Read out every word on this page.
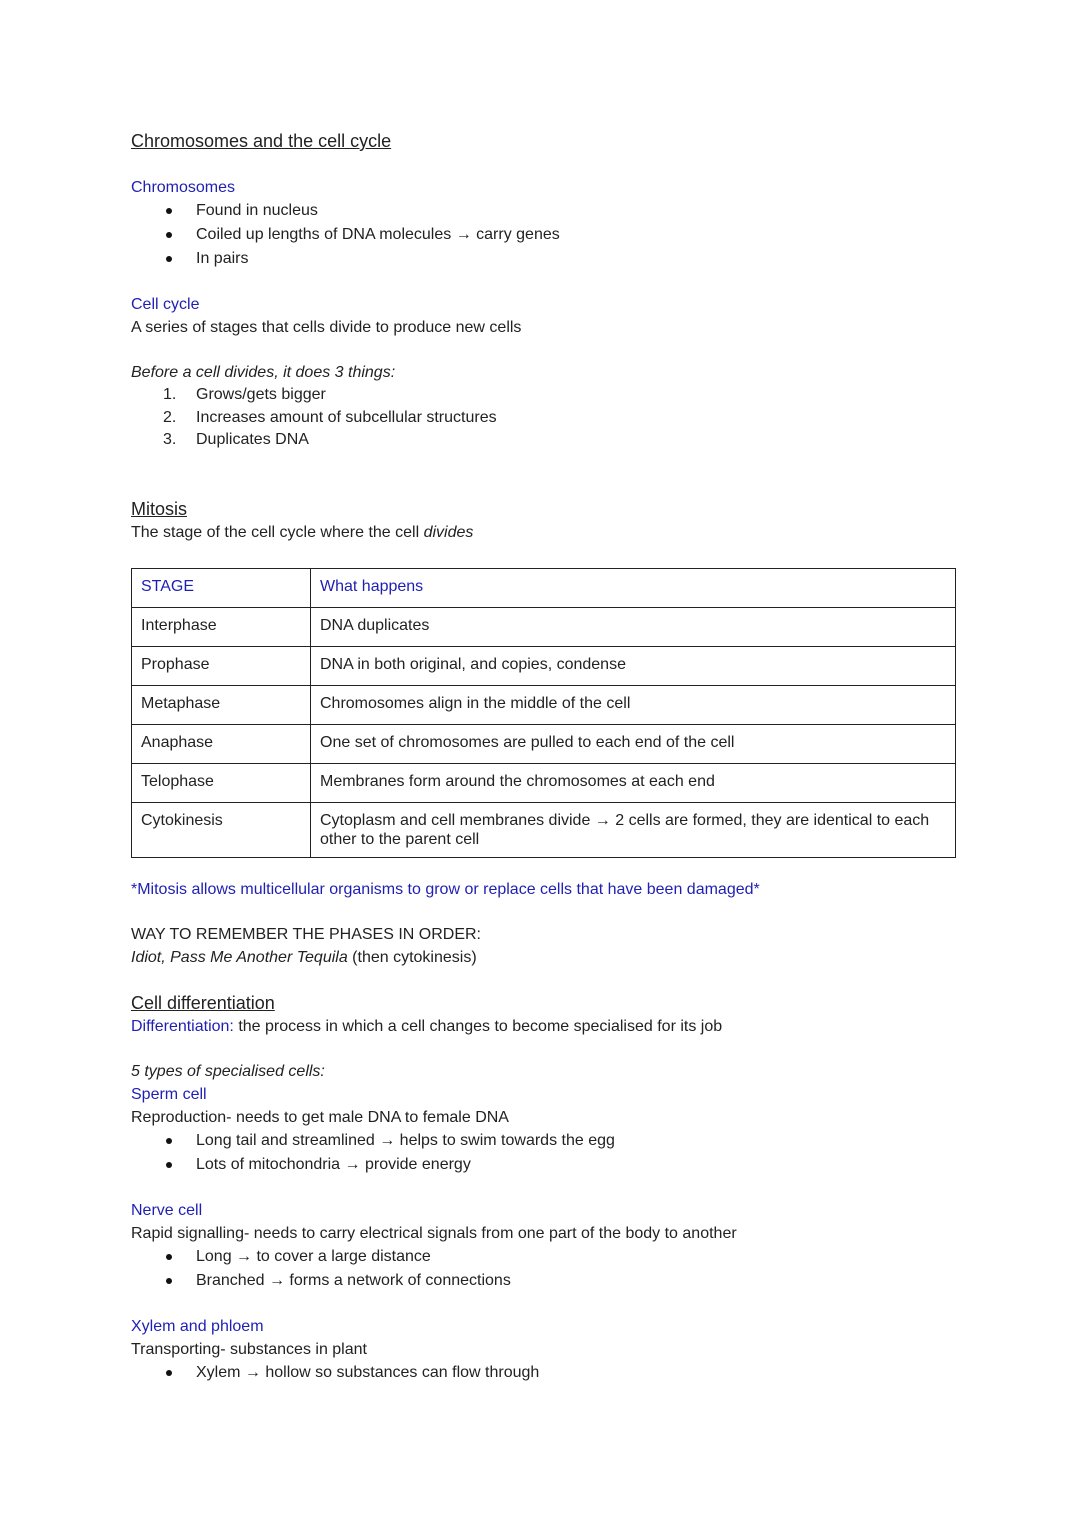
Chromosomes and the cell cycle
Chromosomes
Found in nucleus
Coiled up lengths of DNA molecules → carry genes
In pairs
Cell cycle
A series of stages that cells divide to produce new cells
Before a cell divides, it does 3 things:
1. Grows/gets bigger
2. Increases amount of subcellular structures
3. Duplicates DNA
Mitosis
The stage of the cell cycle where the cell divides
STAGE	What happens
Interphase	DNA duplicates
Prophase	DNA in both original, and copies, condense
Metaphase	Chromosomes align in the middle of the cell
Anaphase	One set of chromosomes are pulled to each end of the cell
Telophase	Membranes form around the chromosomes at each end
Cytokinesis	Cytoplasm and cell membranes divide → 2 cells are formed, they are identical to each other to the parent cell
*Mitosis allows multicellular organisms to grow or replace cells that have been damaged*
WAY TO REMEMBER THE PHASES IN ORDER:
Idiot, Pass Me Another Tequila (then cytokinesis)
Cell differentiation
Differentiation: the process in which a cell changes to become specialised for its job
5 types of specialised cells:
Sperm cell
Reproduction- needs to get male DNA to female DNA
Long tail and streamlined → helps to swim towards the egg
Lots of mitochondria → provide energy
Nerve cell
Rapid signalling- needs to carry electrical signals from one part of the body to another
Long → to cover a large distance
Branched → forms a network of connections
Xylem and phloem
Transporting- substances in plant
Xylem → hollow so substances can flow through
